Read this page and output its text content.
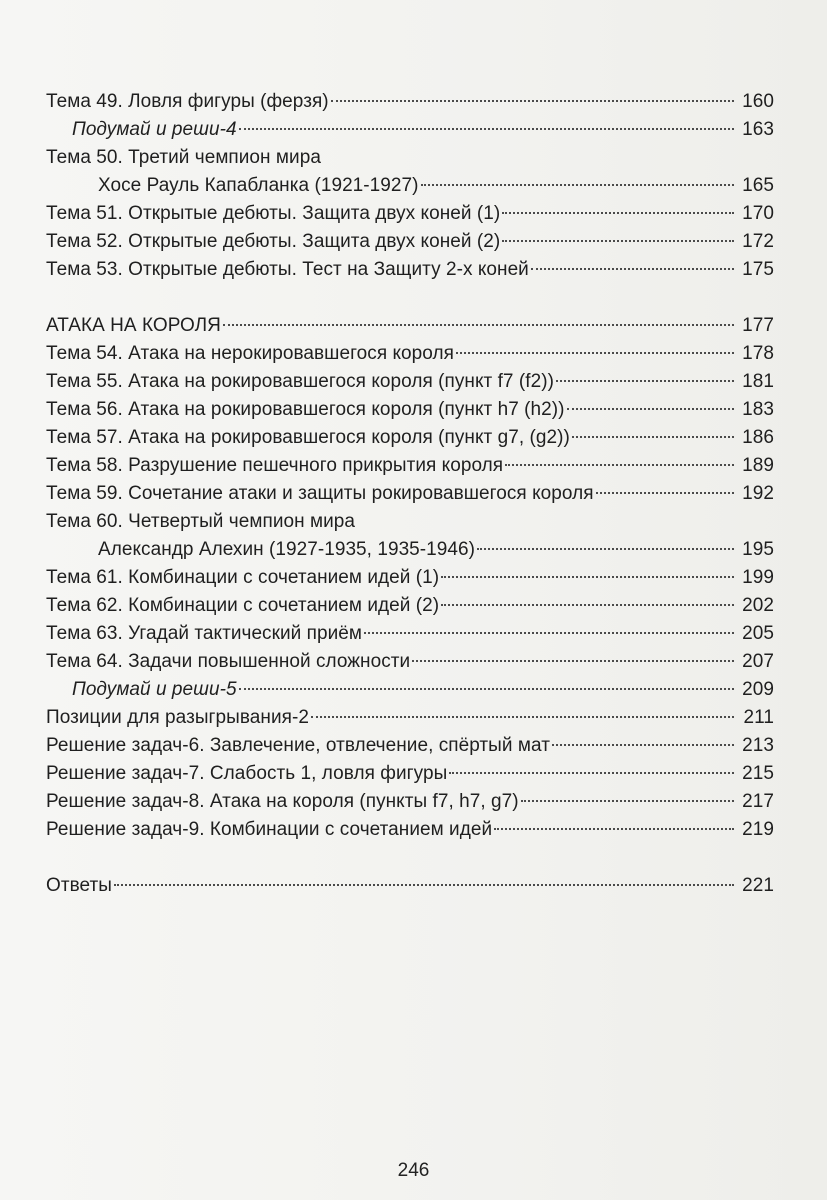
Тема 49. Ловля фигуры (ферзя)	160
Подумай и реши-4	163
Тема 50. Третий чемпион мира
Хосе Рауль Капабланка (1921-1927)	165
Тема 51. Открытые дебюты. Защита двух коней (1)	170
Тема 52. Открытые дебюты. Защита двух коней (2)	172
Тема 53. Открытые дебюты. Тест на Защиту 2-х коней	175
АТАКА НА КОРОЛЯ	177
Тема 54. Атака на нерокировавшегося короля	178
Тема 55. Атака на рокировавшегося короля (пункт f7 (f2))	181
Тема 56. Атака на рокировавшегося короля (пункт h7 (h2))	183
Тема 57. Атака на рокировавшегося короля (пункт g7, (g2))	186
Тема 58. Разрушение пешечного прикрытия короля	189
Тема 59. Сочетание атаки и защиты рокировавшегося короля	192
Тема 60. Четвертый чемпион мира
Александр Алехин (1927-1935, 1935-1946)	195
Тема 61. Комбинации с сочетанием идей (1)	199
Тема 62. Комбинации с сочетанием идей (2)	202
Тема 63. Угадай тактический приём	205
Тема 64. Задачи повышенной сложности	207
Подумай и реши-5	209
Позиции для разыгрывания-2	211
Решение задач-6. Завлечение, отвлечение, спёртый мат	213
Решение задач-7. Слабость 1, ловля фигуры	215
Решение задач-8. Атака на короля (пункты f7, h7, g7)	217
Решение задач-9. Комбинации с сочетанием идей	219
Ответы	221
246
